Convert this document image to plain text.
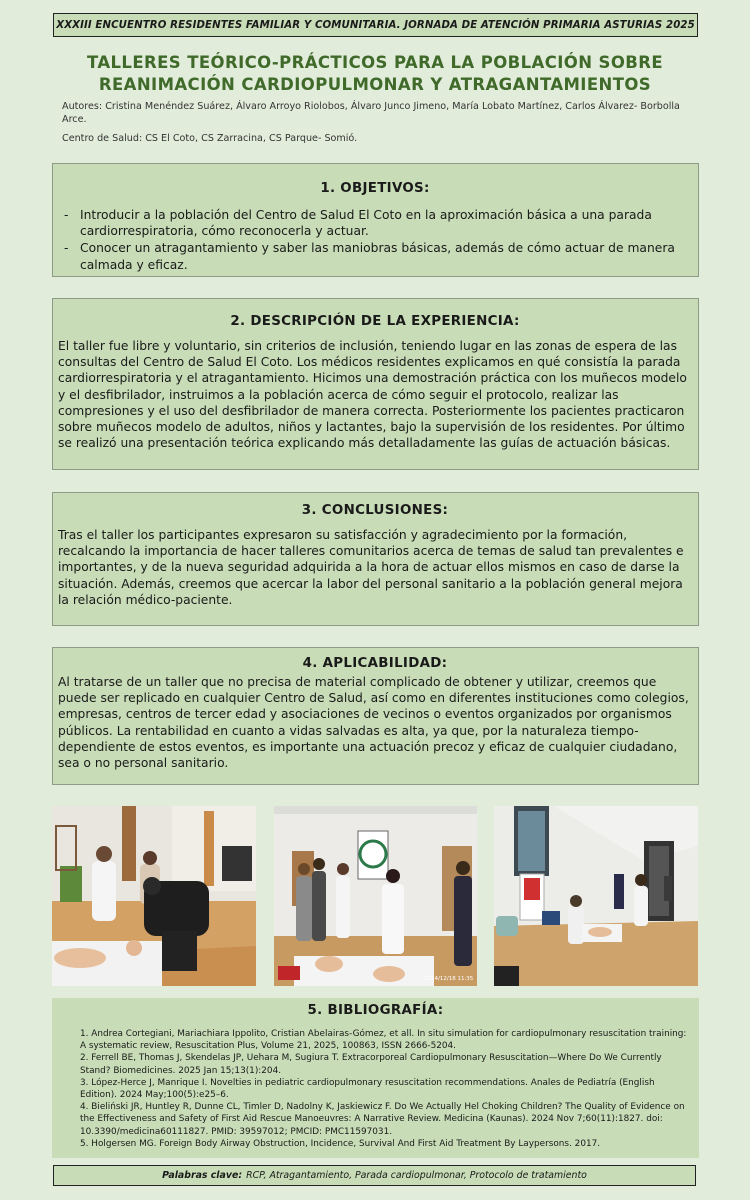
XXXIII ENCUENTRO RESIDENTES FAMILIAR Y COMUNITARIA. JORNADA DE ATENCIÓN PRIMARIA ASTURIAS 2025
TALLERES TEÓRICO-PRÁCTICOS PARA LA POBLACIÓN SOBRE
REANIMACIÓN CARDIOPULMONAR Y ATRAGANTAMIENTOS
Autores: Cristina Menéndez Suárez, Álvaro Arroyo Riolobos, Álvaro Junco Jimeno, María Lobato Martínez, Carlos Álvarez- Borbolla Arce.
Centro de Salud: CS El Coto, CS Zarracina, CS Parque- Somió.
1. OBJETIVOS:
- Introducir a la población del Centro de Salud El Coto en la aproximación básica a una parada cardiorrespiratoria, cómo reconocerla y actuar.
- Conocer un atragantamiento y saber las maniobras básicas, además de cómo actuar de manera calmada y eficaz.
2. DESCRIPCIÓN DE LA EXPERIENCIA:

El taller fue libre y voluntario, sin criterios de inclusión, teniendo lugar en las zonas de espera de las consultas del Centro de Salud El Coto. Los médicos residentes explicamos en qué consistía la parada cardiorrespiratoria y el atragantamiento. Hicimos una demostración práctica con los muñecos modelo y el desfibrilador, instruimos a la población acerca de cómo seguir el protocolo, realizar las compresiones y el uso del desfibrilador de manera correcta. Posteriormente los pacientes practicaron sobre muñecos modelo de adultos, niños y lactantes, bajo la supervisión de los residentes. Por último se realizó una presentación teórica explicando más detalladamente las guías de actuación básicas.

3. CONCLUSIONES:

Tras el taller los participantes expresaron su satisfacción y agradecimiento por la formación, recalcando la importancia de hacer talleres comunitarios acerca de temas de salud tan prevalentes e importantes, y de la nueva seguridad adquirida a la hora de actuar ellos mismos en caso de darse la situación. Además, creemos que acercar la labor del personal sanitario a la población general mejora la relación médico-paciente.

4. APLICABILIDAD:

Al tratarse de un taller que no precisa de material complicado de obtener y utilizar, creemos que puede ser replicado en cualquier Centro de Salud, así como en diferentes instituciones como colegios, empresas, centros de tercer edad y asociaciones de vecinos o eventos organizados por organismos públicos. La rentabilidad en cuanto a vidas salvadas es alta, ya que, por la naturaleza tiempo-dependiente de estos eventos, es importante una actuación precoz y eficaz de cualquier ciudadano, sea o no personal sanitario.

2024/12/18 11:35
5. BIBLIOGRAFÍA:

1. Andrea Cortegiani, Mariachiara Ippolito, Cristian Abelairas-Gómez, et all. In situ simulation for cardiopulmonary resuscitation training: A systematic review, Resuscitation Plus, Volume 21, 2025, 100863, ISSN 2666-5204.

2. Ferrell BE, Thomas J, Skendelas JP, Uehara M, Sugiura T. Extracorporeal Cardiopulmonary Resuscitation—Where Do We Currently Stand? Biomedicines. 2025 Jan 15;13(1):204.

3. López-Herce J, Manrique I. Novelties in pediatric cardiopulmonary resuscitation recommendations. Anales de Pediatría (English Edition). 2024 May;100(5):e25–6.

4. Bieliński JR, Huntley R, Dunne CL, Timler D, Nadolny K, Jaskiewicz F. Do We Actually Hel Choking Children? The Quality of Evidence on the Effectiveness and Safety of First Aid Rescue Manoeuvres: A Narrative Review. Medicina (Kaunas). 2024 Nov 7;60(11):1827. doi: 10.3390/medicina60111827. PMID: 39597012; PMCID: PMC11597031.

5. Holgersen MG. Foreign Body Airway Obstruction, Incidence, Survival And First Aid Treatment By Laypersons. 2017.

Palabras clave: RCP, Atragantamiento, Parada cardiopulmonar, Protocolo de tratamiento
